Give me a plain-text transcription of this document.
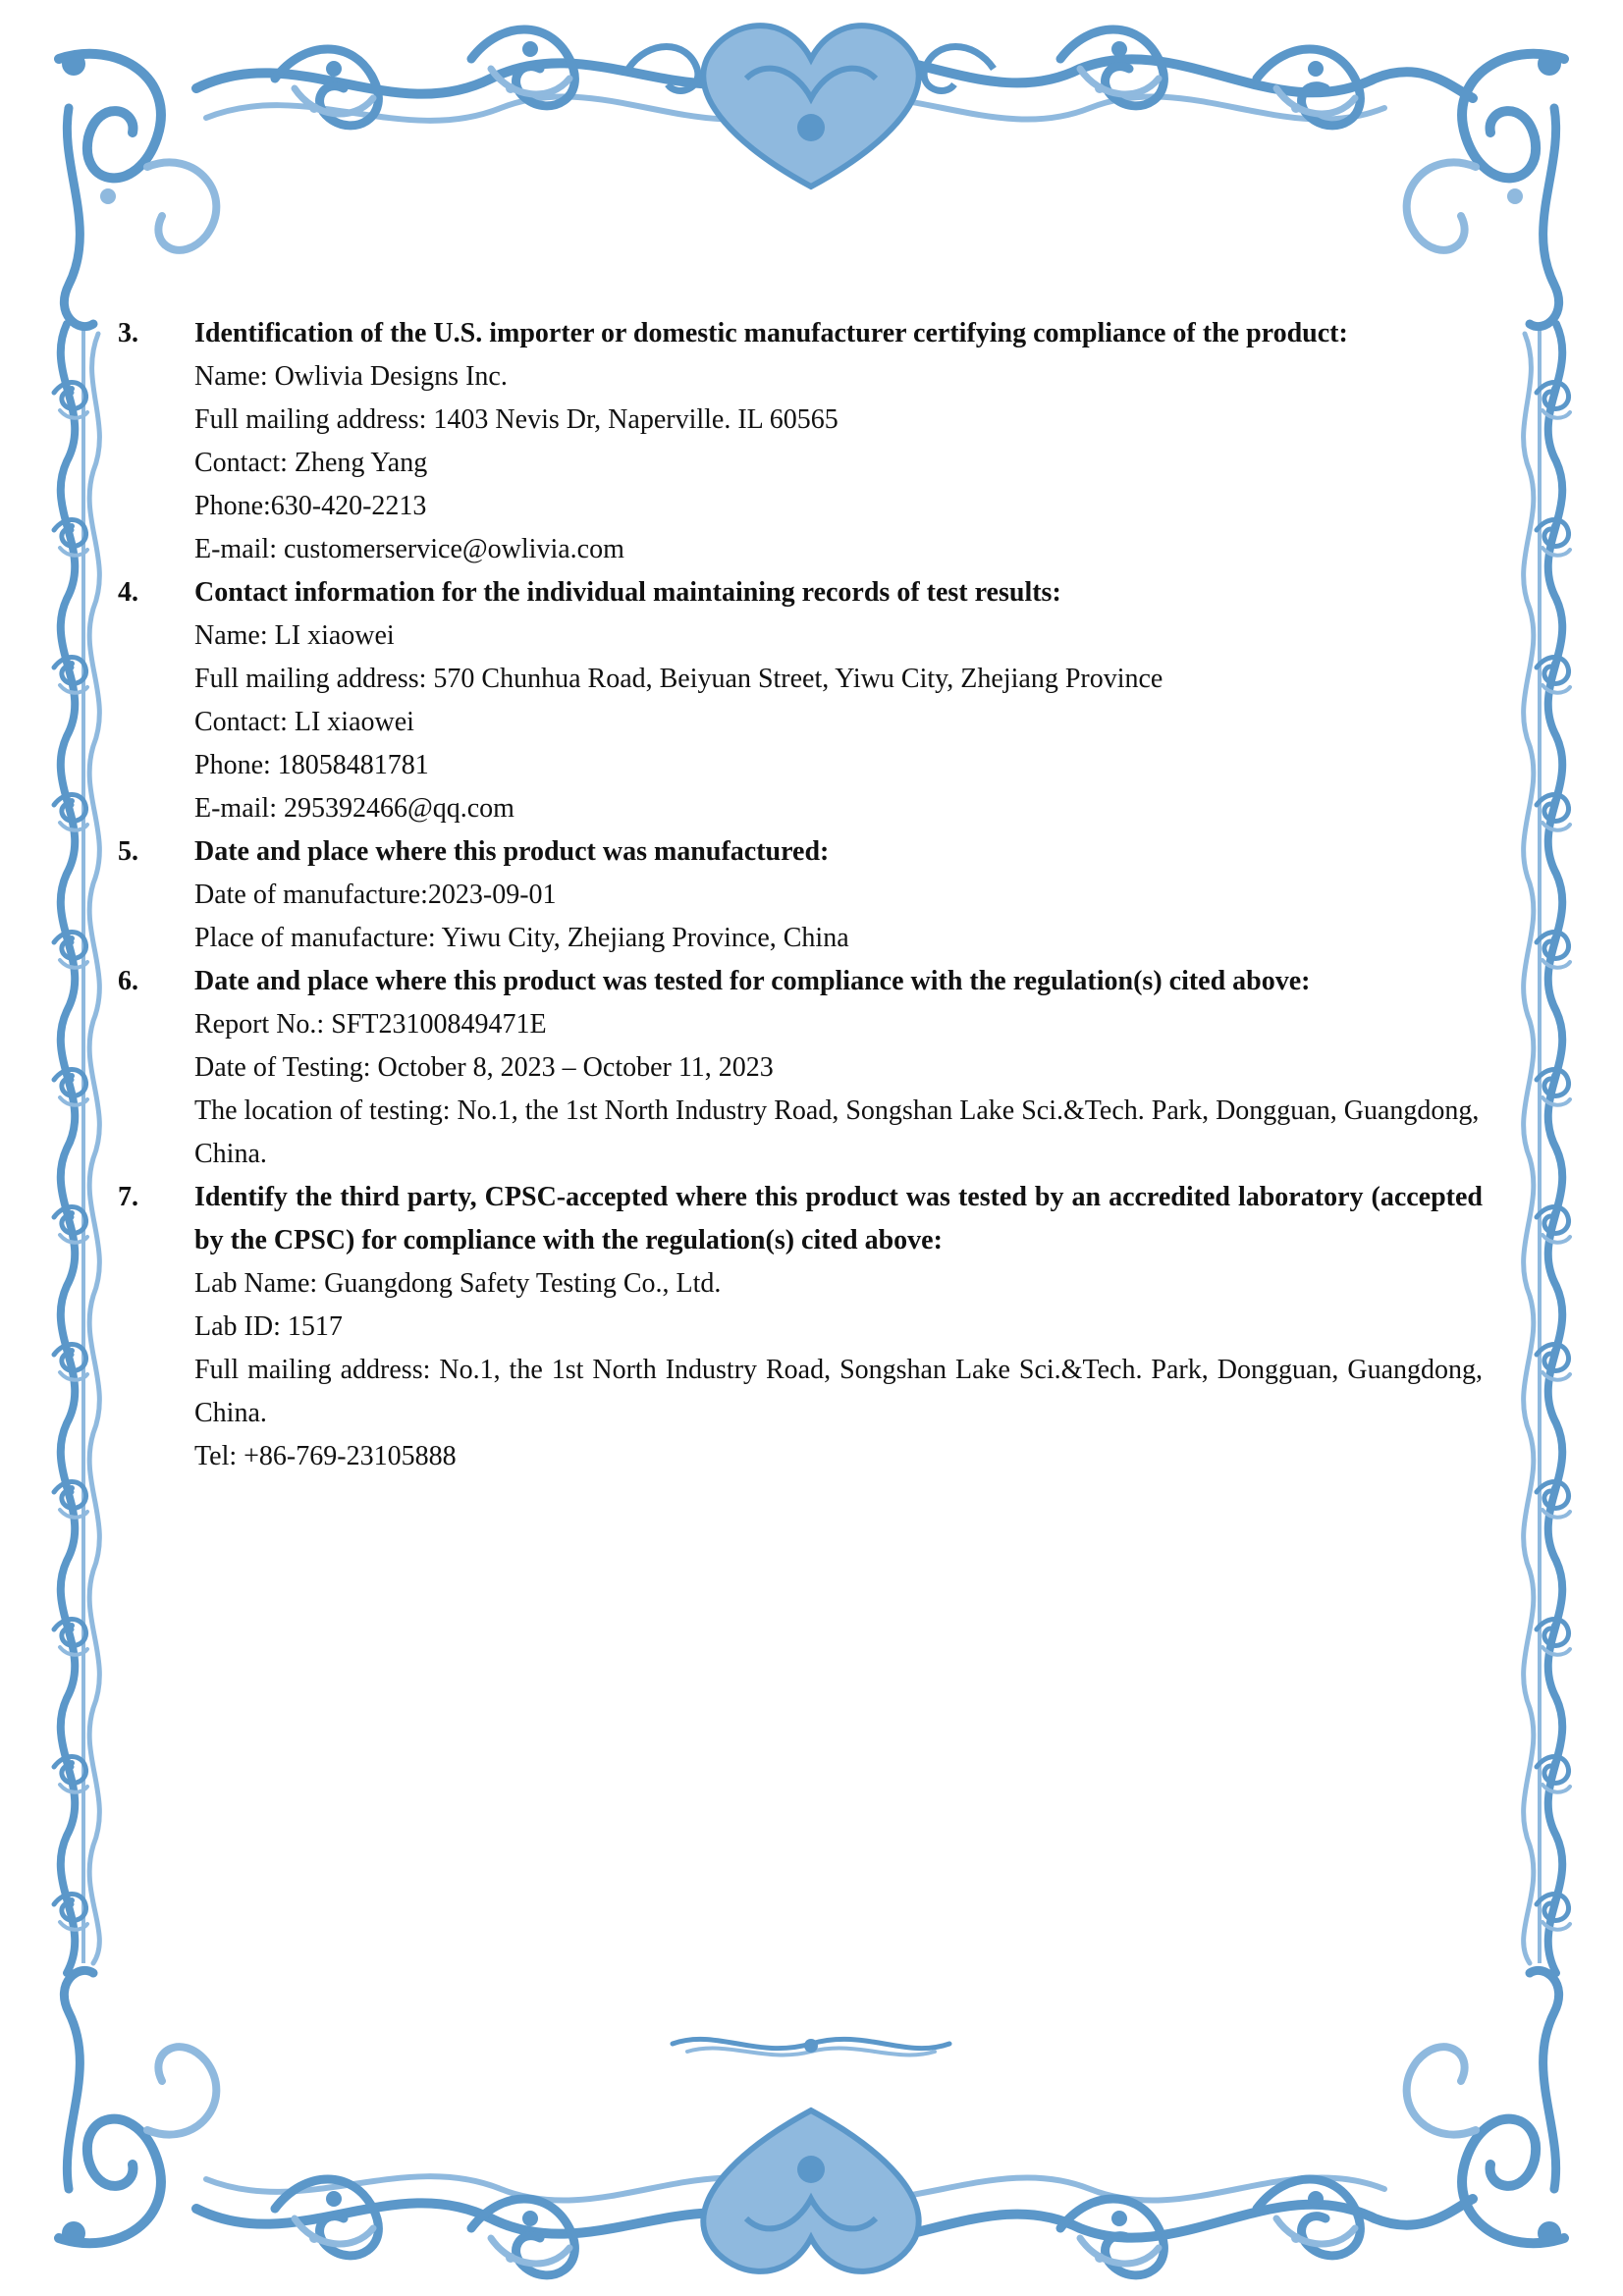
3.	Identification of the U.S. importer or domestic manufacturer certifying compliance of the product:

Name: Owlivia Designs Inc.

Full mailing address: 1403 Nevis Dr, Naperville. IL 60565

Contact: Zheng Yang

Phone:630-420-2213

E-mail: customerservice@owlivia.com

4.	Contact information for the individual maintaining records of test results:

Name: LI xiaowei

Full mailing address: 570 Chunhua Road, Beiyuan Street, Yiwu City, Zhejiang Province

Contact: LI xiaowei

Phone: 18058481781

E-mail: 295392466@qq.com

5.	Date and place where this product was manufactured:

Date of manufacture:2023-09-01

Place of manufacture: Yiwu City, Zhejiang Province, China

6.	Date and place where this product was tested for compliance with the regulation(s) cited above:

Report No.: SFT23100849471E

Date of Testing: October 8, 2023 – October 11, 2023

The location of testing: No.1, the 1st North Industry Road, Songshan Lake Sci.&Tech. Park, Dongguan, Guangdong, China.

7.	Identify the third party, CPSC-accepted where this product was tested by an accredited laboratory (accepted by the CPSC) for compliance with the regulation(s) cited above:

Lab Name: Guangdong Safety Testing Co., Ltd.

Lab ID: 1517

Full mailing address: No.1, the 1st North Industry Road, Songshan Lake Sci.&Tech. Park, Dongguan, Guangdong, China.

Tel: +86-769-23105888
